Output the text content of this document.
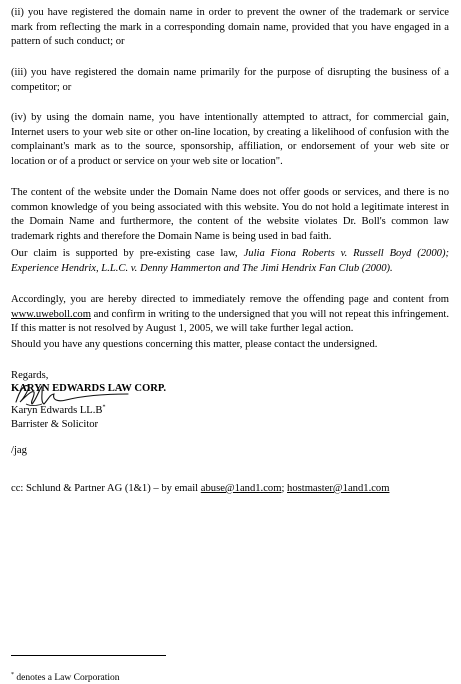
(ii) you have registered the domain name in order to prevent the owner of the trademark or service mark from reflecting the mark in a corresponding domain name, provided that you have engaged in a pattern of such conduct; or

(iii) you have registered the domain name primarily for the purpose of disrupting the business of a competitor; or

(iv) by using the domain name, you have intentionally attempted to attract, for commercial gain, Internet users to your web site or other on-line location, by creating a likelihood of confusion with the complainant's mark as to the source, sponsorship, affiliation, or endorsement of your web site or location or of a product or service on your web site or location".

The content of the website under the Domain Name does not offer goods or services, and there is no common knowledge of you being associated with this website. You do not hold a legitimate interest in the Domain Name and furthermore, the content of the website violates Dr. Boll's common law trademark rights and therefore the Domain Name is being used in bad faith.

Our claim is supported by pre-existing case law, Julia Fiona Roberts v. Russell Boyd (2000); Experience Hendrix, L.L.C. v. Denny Hammerton and The Jimi Hendrix Fan Club (2000).

Accordingly, you are hereby directed to immediately remove the offending page and content from www.uweboll.com and confirm in writing to the undersigned that you will not repeat this infringement. If this matter is not resolved by August 1, 2005, we will take further legal action.

Should you have any questions concerning this matter, please contact the undersigned.

Regards,

KARYN EDWARDS LAW CORP.

Karyn Edwards LL.B*

Barrister & Solicitor

/jag

cc: Schlund & Partner AG (1&1) – by email abuse@1and1.com; hostmaster@1and1.com

* denotes a Law Corporation
